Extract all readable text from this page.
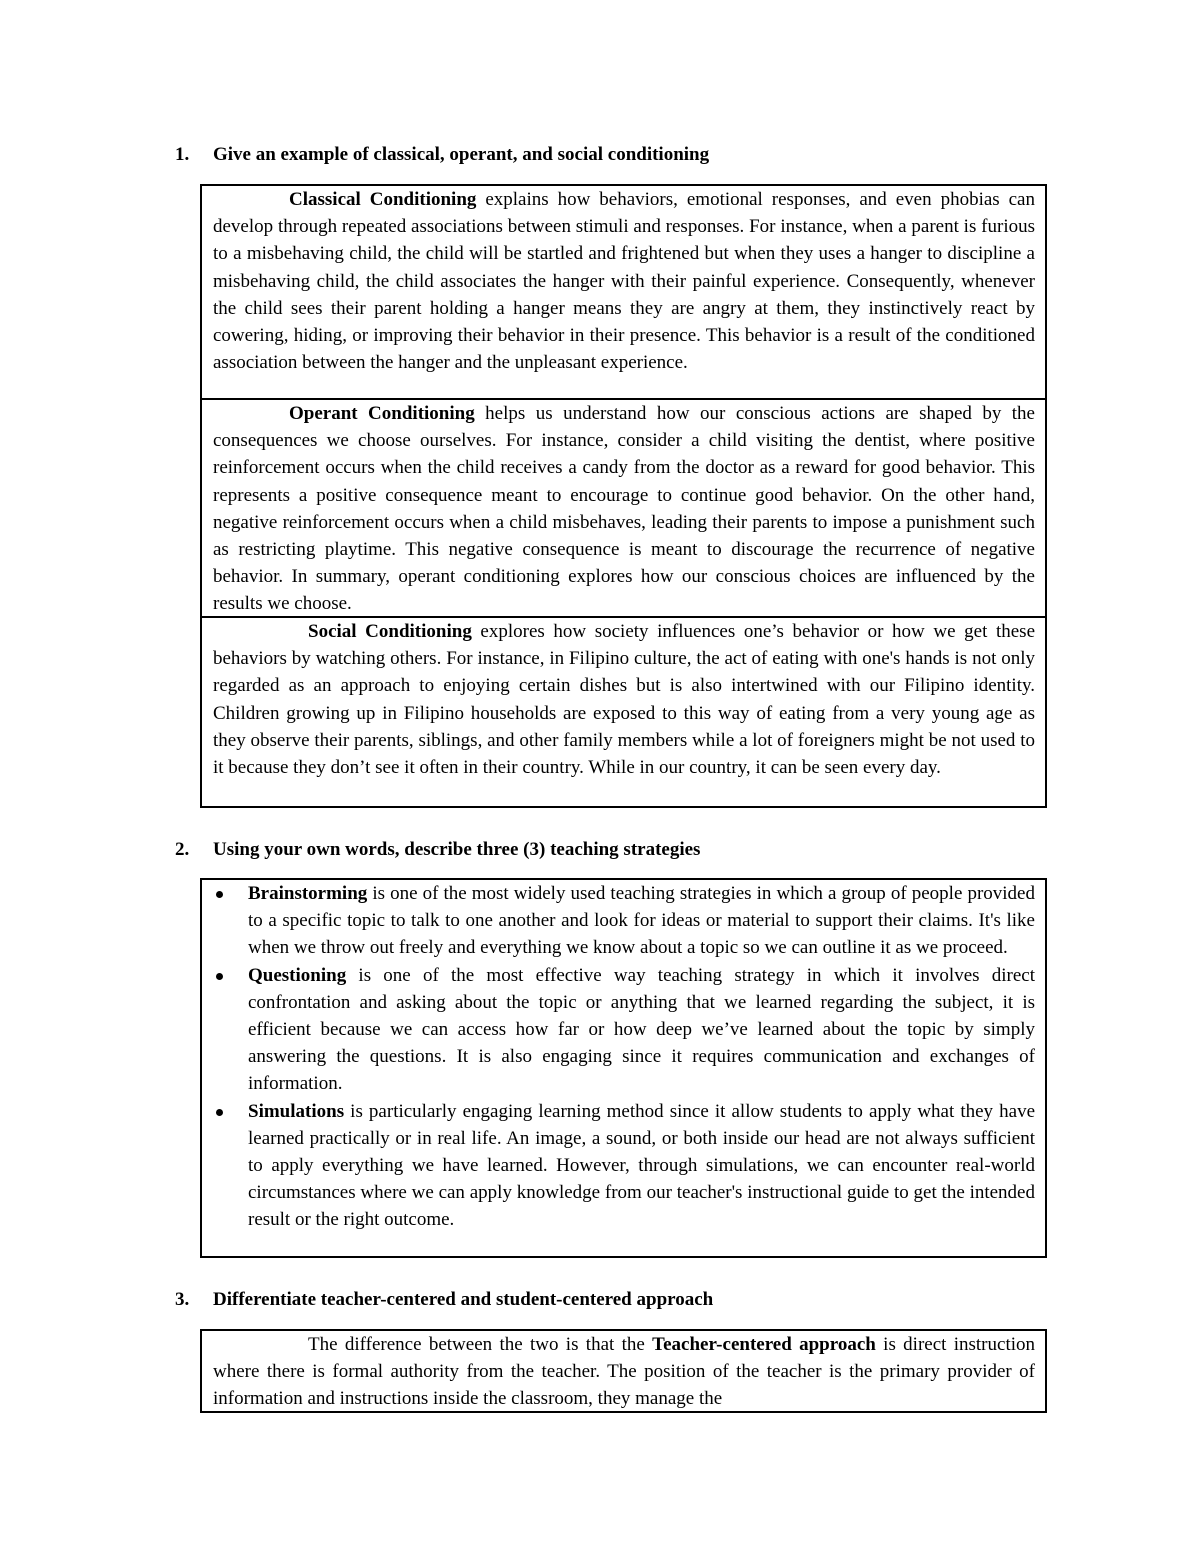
1. Give an example of classical, operant, and social conditioning

Classical Conditioning explains how behaviors, emotional responses, and even phobias can develop through repeated associations between stimuli and responses. For instance, when a parent is furious to a misbehaving child, the child will be startled and frightened but when they uses a hanger to discipline a misbehaving child, the child associates the hanger with their painful experience. Consequently, whenever the child sees their parent holding a hanger means they are angry at them, they instinctively react by cowering, hiding, or improving their behavior in their presence. This behavior is a result of the conditioned association between the hanger and the unpleasant experience.

Operant Conditioning helps us understand how our conscious actions are shaped by the consequences we choose ourselves. For instance, consider a child visiting the dentist, where positive reinforcement occurs when the child receives a candy from the doctor as a reward for good behavior. This represents a positive consequence meant to encourage to continue good behavior. On the other hand, negative reinforcement occurs when a child misbehaves, leading their parents to impose a punishment such as restricting playtime. This negative consequence is meant to discourage the recurrence of negative behavior. In summary, operant conditioning explores how our conscious choices are influenced by the results we choose.

Social Conditioning explores how society influences one’s behavior or how we get these behaviors by watching others. For instance, in Filipino culture, the act of eating with one's hands is not only regarded as an approach to enjoying certain dishes but is also intertwined with our Filipino identity. Children growing up in Filipino households are exposed to this way of eating from a very young age as they observe their parents, siblings, and other family members while a lot of foreigners might be not used to it because they don’t see it often in their country. While in our country, it can be seen every day.

2. Using your own words, describe three (3) teaching strategies
Brainstorming is one of the most widely used teaching strategies in which a group of people provided to a specific topic to talk to one another and look for ideas or material to support their claims. It's like when we throw out freely and everything we know about a topic so we can outline it as we proceed.
Questioning is one of the most effective way teaching strategy in which it involves direct confrontation and asking about the topic or anything that we learned regarding the subject, it is efficient because we can access how far or how deep we’ve learned about the topic by simply answering the questions. It is also engaging since it requires communication and exchanges of information.
Simulations is particularly engaging learning method since it allow students to apply what they have learned practically or in real life. An image, a sound, or both inside our head are not always sufficient to apply everything we have learned. However, through simulations, we can encounter real-world circumstances where we can apply knowledge from our teacher's instructional guide to get the intended result or the right outcome.
3. Differentiate teacher-centered and student-centered approach

The difference between the two is that the Teacher-centered approach is direct instruction where there is formal authority from the teacher. The position of the teacher is the primary provider of information and instructions inside the classroom, they manage the
